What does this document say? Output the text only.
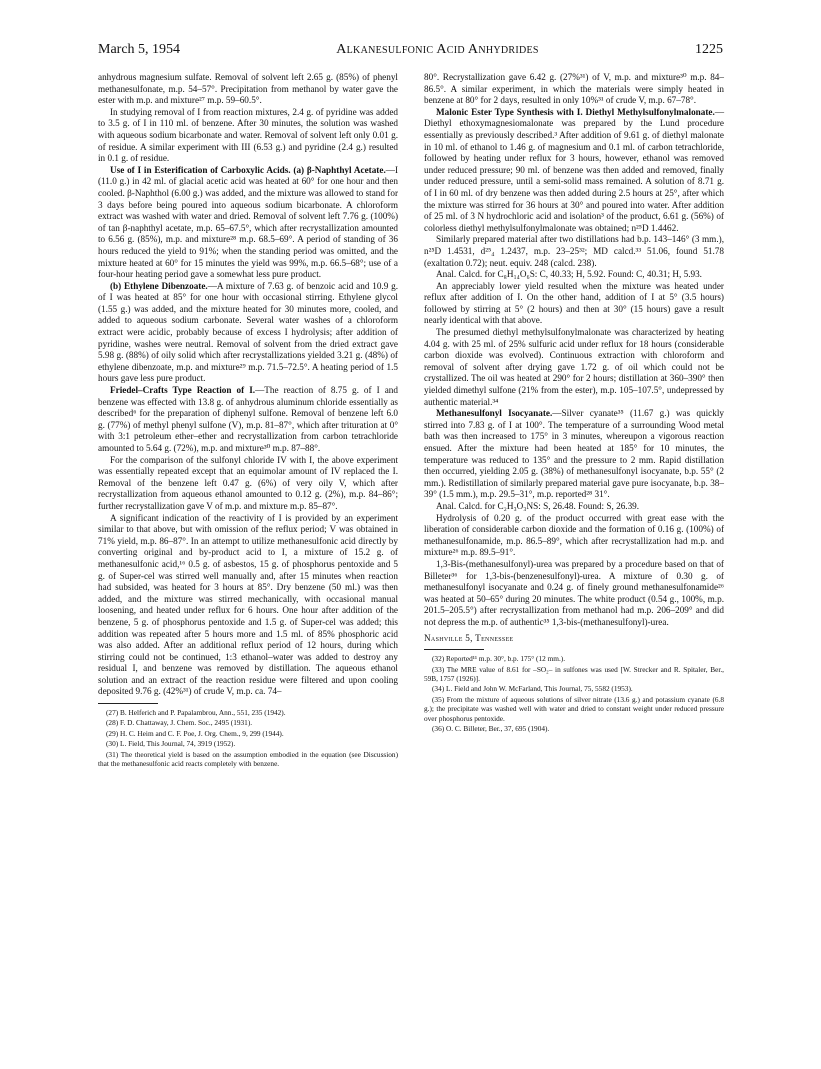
March 5, 1954	Alkanesulfonic Acid Anhydrides	1225

anhydrous magnesium sulfate. Removal of solvent left 2.65 g. (85%) of phenyl methanesulfonate, m.p. 54–57°. Precipitation from methanol by water gave the ester with m.p. and mixture²⁷ m.p. 59–60.5°.

In studying removal of I from reaction mixtures, 2.4 g. of pyridine was added to 3.5 g. of I in 110 ml. of benzene. After 30 minutes, the solution was washed with aqueous sodium bicarbonate and water. Removal of solvent left only 0.01 g. of residue. A similar experiment with III (6.53 g.) and pyridine (2.4 g.) resulted in 0.1 g. of residue.

Use of I in Esterification of Carboxylic Acids. (a) β-Naphthyl Acetate.—I (11.0 g.) in 42 ml. of glacial acetic acid was heated at 60° for one hour and then cooled. β-Naphthol (6.00 g.) was added, and the mixture was allowed to stand for 3 days before being poured into aqueous sodium bicarbonate. A chloroform extract was washed with water and dried. Removal of solvent left 7.76 g. (100%) of tan β-naphthyl acetate, m.p. 65–67.5°, which after recrystallization amounted to 6.56 g. (85%), m.p. and mixture²⁸ m.p. 68.5–69°. A period of standing of 36 hours reduced the yield to 91%; when the standing period was omitted, and the mixture heated at 60° for 15 minutes the yield was 99%, m.p. 66.5–68°; use of a four-hour heating period gave a somewhat less pure product.

(b) Ethylene Dibenzoate.—A mixture of 7.63 g. of benzoic acid and 10.9 g. of I was heated at 85° for one hour with occasional stirring. Ethylene glycol (1.55 g.) was added, and the mixture heated for 30 minutes more, cooled, and added to aqueous sodium carbonate. Several water washes of a chloroform extract were acidic, probably because of excess I hydrolysis; after addition of pyridine, washes were neutral. Removal of solvent from the dried extract gave 5.98 g. (88%) of oily solid which after recrystallizations yielded 3.21 g. (48%) of ethylene dibenzoate, m.p. and mixture²⁹ m.p. 71.5–72.5°. A heating period of 1.5 hours gave less pure product.

Friedel–Crafts Type Reaction of I.—The reaction of 8.75 g. of I and benzene was effected with 13.8 g. of anhydrous aluminum chloride essentially as described⁶ for the preparation of diphenyl sulfone. Removal of benzene left 6.0 g. (77%) of methyl phenyl sulfone (V), m.p. 81–87°, which after trituration at 0° with 3:1 petroleum ether–ether and recrystallization from carbon tetrachloride amounted to 5.64 g. (72%), m.p. and mixture³⁰ m.p. 87–88°.

For the comparison of the sulfonyl chloride IV with I, the above experiment was essentially repeated except that an equimolar amount of IV replaced the I. Removal of the benzene left 0.47 g. (6%) of very oily V, which after recrystallization from aqueous ethanol amounted to 0.12 g. (2%), m.p. 84–86°; further recrystallization gave V of m.p. and mixture m.p. 85–87°.

A significant indication of the reactivity of I is provided by an experiment similar to that above, but with omission of the reflux period; V was obtained in 71% yield, m.p. 86–87°. In an attempt to utilize methanesulfonic acid directly by converting original and by-product acid to I, a mixture of 15.2 g. of methanesulfonic acid,¹⁶ 0.5 g. of asbestos, 15 g. of phosphorus pentoxide and 5 g. of Super-cel was stirred well manually and, after 15 minutes when reaction had subsided, was heated for 3 hours at 85°. Dry benzene (50 ml.) was then added, and the mixture was stirred mechanically, with occasional manual loosening, and heated under reflux for 6 hours. One hour after addition of the benzene, 5 g. of phosphorus pentoxide and 1.5 g. of Super-cel was added; this addition was repeated after 5 hours more and 1.5 ml. of 85% phosphoric acid was also added. After an additional reflux period of 12 hours, during which stirring could not be continued, 1:3 ethanol–water was added to destroy any residual I, and benzene was removed by distillation. The aqueous ethanol solution and an extract of the reaction residue were filtered and upon cooling deposited 9.76 g. (42%³¹) of crude V, m.p. ca. 74–

(27) B. Helferich and P. Papalambrou, Ann., 551, 235 (1942).

(28) F. D. Chattaway, J. Chem. Soc., 2495 (1931).

(29) H. C. Heim and C. F. Poe, J. Org. Chem., 9, 299 (1944).

(30) L. Field, This Journal, 74, 3919 (1952).

(31) The theoretical yield is based on the assumption embodied in the equation (see Discussion) that the methanesulfonic acid reacts completely with benzene.

80°. Recrystallization gave 6.42 g. (27%³¹) of V, m.p. and mixture³⁰ m.p. 84–86.5°. A similar experiment, in which the materials were simply heated in benzene at 80° for 2 days, resulted in only 10%³¹ of crude V, m.p. 67–78°.

Malonic Ester Type Synthesis with I. Diethyl Methylsulfonylmalonate.—Diethyl ethoxymagnesiomalonate was prepared by the Lund procedure essentially as previously described.³ After addition of 9.61 g. of diethyl malonate in 10 ml. of ethanol to 1.46 g. of magnesium and 0.1 ml. of carbon tetrachloride, followed by heating under reflux for 3 hours, however, ethanol was removed under reduced pressure; 90 ml. of benzene was then added and removed, finally under reduced pressure, until a semi-solid mass remained. A solution of 8.71 g. of I in 60 ml. of dry benzene was then added during 2.5 hours at 25°, after which the mixture was stirred for 36 hours at 30° and poured into water. After addition of 25 ml. of 3 N hydrochloric acid and isolation³ of the product, 6.61 g. (56%) of colorless diethyl methylsulfonylmalonate was obtained; n²⁵D 1.4462.

Similarly prepared material after two distillations had b.p. 143–146° (3 mm.), n²⁵D 1.4531, d²⁵₄ 1.2437, m.p. 23–25³²; MD calcd.³³ 51.06, found 51.78 (exaltation 0.72); neut. equiv. 248 (calcd. 238).

Anal. Calcd. for C₈H₁₄O₆S: C, 40.33; H, 5.92. Found: C, 40.31; H, 5.93.

An appreciably lower yield resulted when the mixture was heated under reflux after addition of I. On the other hand, addition of I at 5° (3.5 hours) followed by stirring at 5° (2 hours) and then at 30° (15 hours) gave a result nearly identical with that above.

The presumed diethyl methylsulfonylmalonate was characterized by heating 4.04 g. with 25 ml. of 25% sulfuric acid under reflux for 18 hours (considerable carbon dioxide was evolved). Continuous extraction with chloroform and removal of solvent after drying gave 1.72 g. of oil which could not be crystallized. The oil was heated at 290° for 2 hours; distillation at 360–390° then yielded dimethyl sulfone (21% from the ester), m.p. 105–107.5°, undepressed by authentic material.³⁴

Methanesulfonyl Isocyanate.—Silver cyanate³⁵ (11.67 g.) was quickly stirred into 7.83 g. of I at 100°. The temperature of a surrounding Wood metal bath was then increased to 175° in 3 minutes, whereupon a vigorous reaction ensued. After the mixture had been heated at 185° for 10 minutes, the temperature was reduced to 135° and the pressure to 2 mm. Rapid distillation then occurred, yielding 2.05 g. (38%) of methanesulfonyl isocyanate, b.p. 55° (2 mm.). Redistillation of similarly prepared material gave pure isocyanate, b.p. 38–39° (1.5 mm.), m.p. 29.5–31°, m.p. reported²⁸ 31°.

Anal. Calcd. for C₂H₃O₃NS: S, 26.48. Found: S, 26.39.

Hydrolysis of 0.20 g. of the product occurred with great ease with the liberation of considerable carbon dioxide and the formation of 0.16 g. (100%) of methanesulfonamide, m.p. 86.5–89°, which after recrystallization had m.p. and mixture²⁶ m.p. 89.5–91°.

1,3-Bis-(methanesulfonyl)-urea was prepared by a procedure based on that of Billeter³⁶ for 1,3-bis-(benzenesulfonyl)-urea. A mixture of 0.30 g. of methanesulfonyl isocyanate and 0.24 g. of finely ground methanesulfonamide²⁶ was heated at 50–65° during 20 minutes. The white product (0.54 g., 100%, m.p. 201.5–205.5°) after recrystallization from methanol had m.p. 206–209° and did not depress the m.p. of authentic³⁵ 1,3-bis-(methanesulfonyl)-urea.

Nashville 5, Tennessee

(32) Reported¹¹ m.p. 30°, b.p. 175° (12 mm.).

(33) The MRE value of 8.61 for –SO₂– in sulfones was used [W. Strecker and R. Spitaler, Ber., 59B, 1757 (1926)].

(34) L. Field and John W. McFarland, This Journal, 75, 5582 (1953).

(35) From the mixture of aqueous solutions of silver nitrate (13.6 g.) and potassium cyanate (6.8 g.); the precipitate was washed well with water and dried to constant weight under reduced pressure over phosphorus pentoxide.

(36) O. C. Billeter, Ber., 37, 695 (1904).
